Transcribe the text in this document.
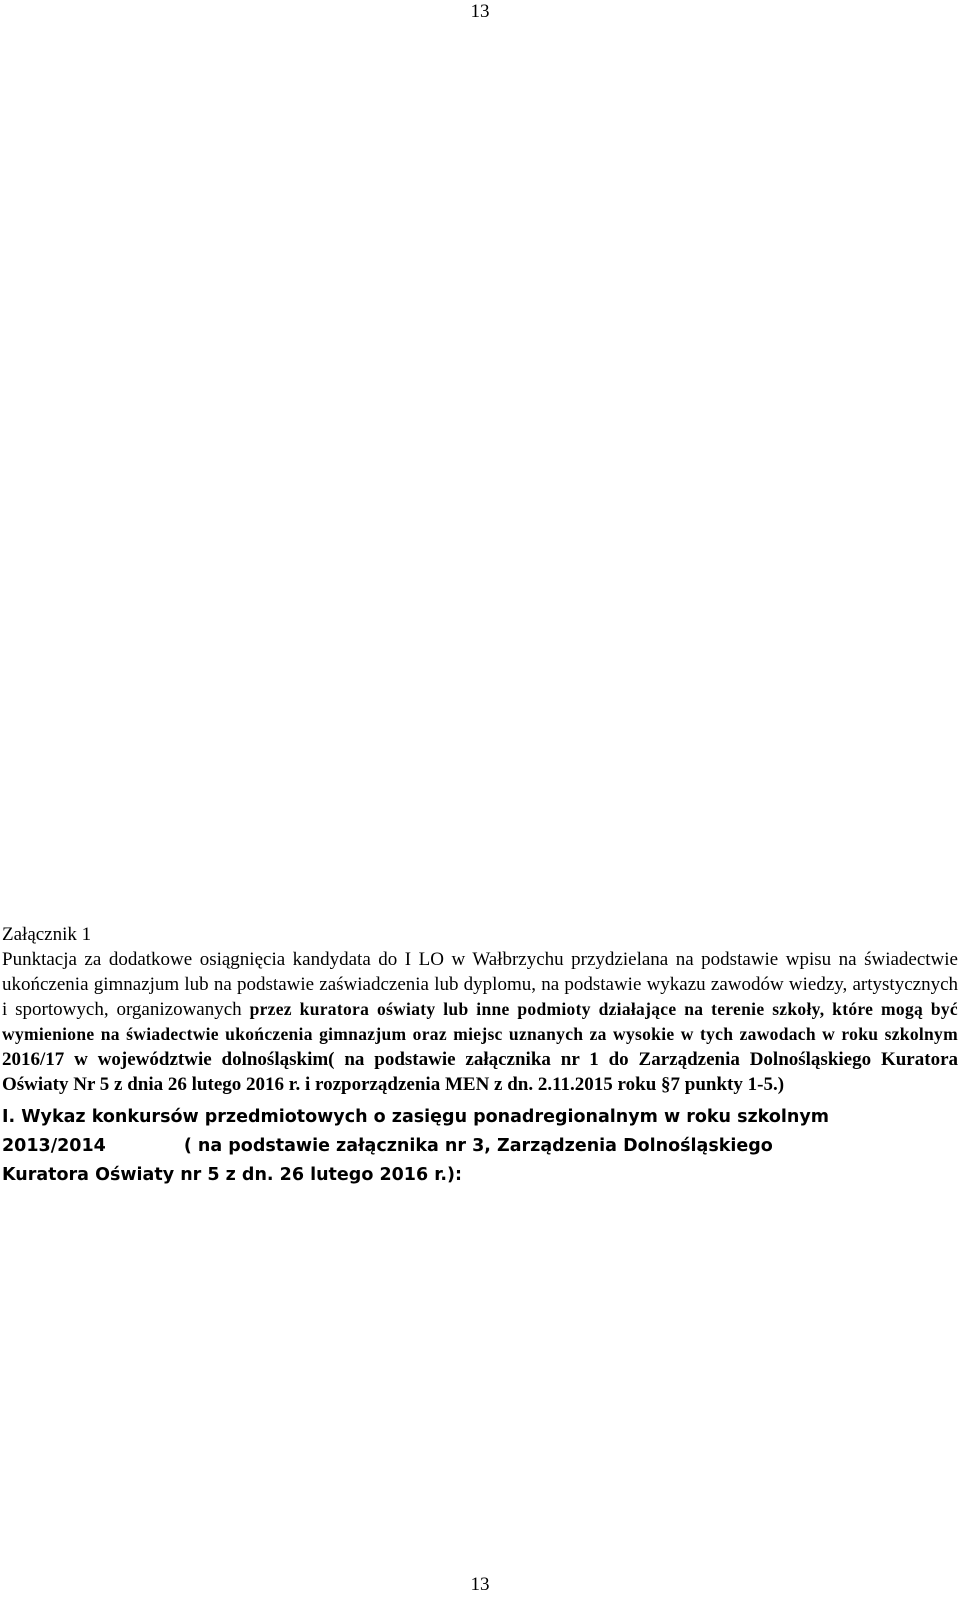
13

Załącznik 1

Punktacja za dodatkowe osiągnięcia kandydata do I LO w Wałbrzychu przydzielana na podstawie wpisu na świadectwie ukończenia gimnazjum lub na podstawie zaświadczenia lub dyplomu, na podstawie wykazu zawodów wiedzy, artystycznych i sportowych, organizowanych przez kuratora oświaty lub inne podmioty działające na terenie szkoły, które mogą być wymienione na świadectwie ukończenia gimnazjum oraz miejsc uznanych za wysokie w tych zawodach w roku szkolnym 2016/17 w województwie dolnośląskim( na podstawie załącznika nr 1 do Zarządzenia Dolnośląskiego Kuratora Oświaty Nr 5 z dnia 26 lutego 2016 r. i rozporządzenia MEN z dn. 2.11.2015 roku §7 punkty 1-5.)

I. Wykaz konkursów przedmiotowych o zasięgu ponadregionalnym w roku szkolnym
2013/2014	( na podstawie załącznika nr 3, Zarządzenia Dolnośląskiego
Kuratora Oświaty nr 5 z dn. 26 lutego 2016 r.):
13
